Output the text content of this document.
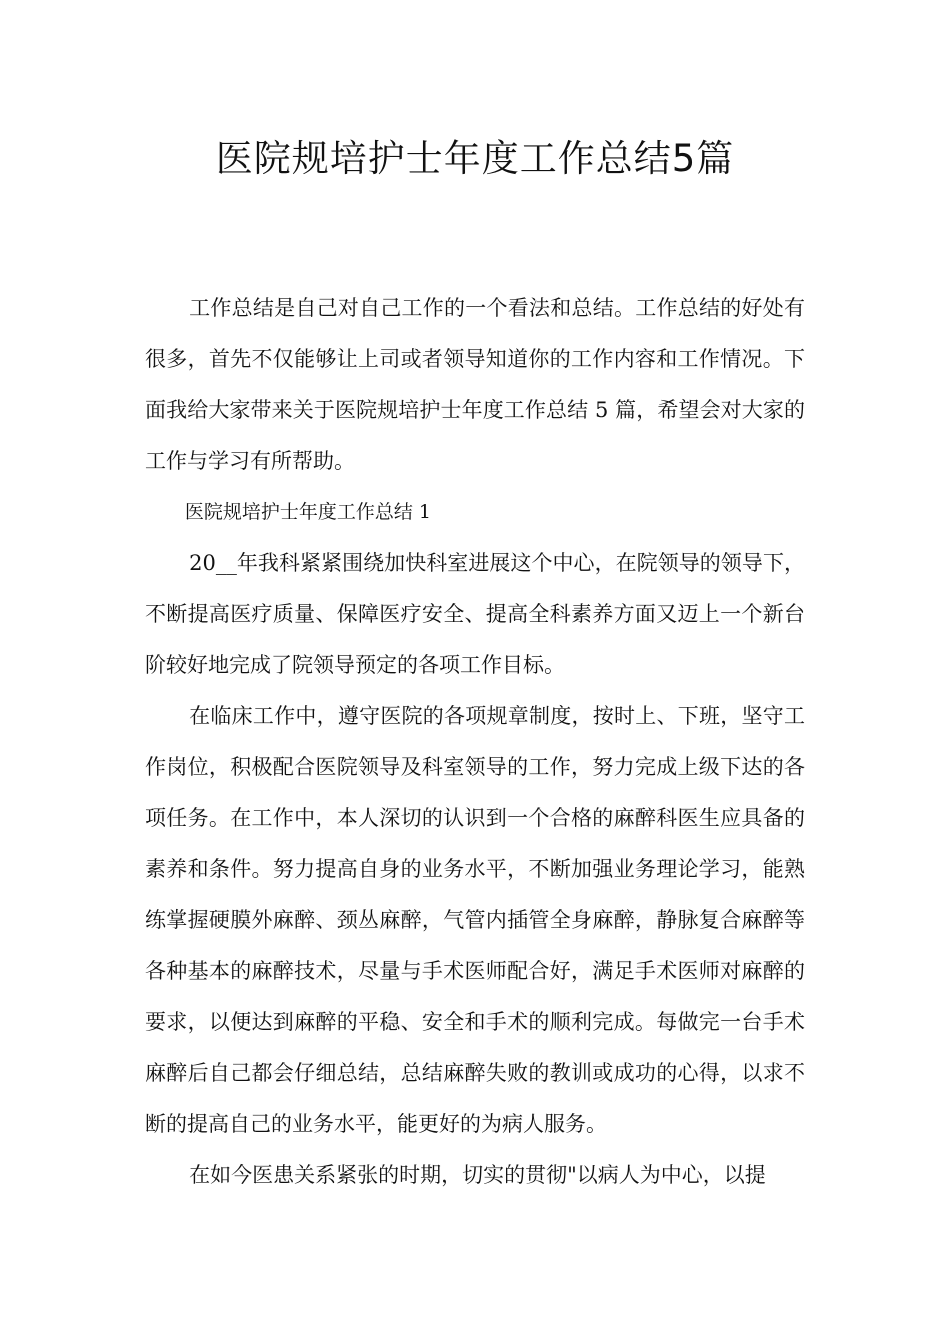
医院规培护士年度工作总结5篇

工作总结是自己对自己工作的一个看法和总结。工作总结的好处有很多，首先不仅能够让上司或者领导知道你的工作内容和工作情况。下面我给大家带来关于医院规培护士年度工作总结 5 篇，希望会对大家的工作与学习有所帮助。

医院规培护士年度工作总结 1

20__年我科紧紧围绕加快科室进展这个中心，在院领导的领导下，不断提高医疗质量、保障医疗安全、提高全科素养方面又迈上一个新台阶较好地完成了院领导预定的各项工作目标。

在临床工作中，遵守医院的各项规章制度，按时上、下班，坚守工作岗位，积极配合医院领导及科室领导的工作，努力完成上级下达的各项任务。在工作中，本人深切的认识到一个合格的麻醉科医生应具备的素养和条件。努力提高自身的业务水平，不断加强业务理论学习，能熟练掌握硬膜外麻醉、颈丛麻醉，气管内插管全身麻醉，静脉复合麻醉等各种基本的麻醉技术，尽量与手术医师配合好，满足手术医师对麻醉的要求，以便达到麻醉的平稳、安全和手术的顺利完成。每做完一台手术麻醉后自己都会仔细总结，总结麻醉失败的教训或成功的心得，以求不断的提高自己的业务水平，能更好的为病人服务。

在如今医患关系紧张的时期，切实的贯彻"以病人为中心，以提
